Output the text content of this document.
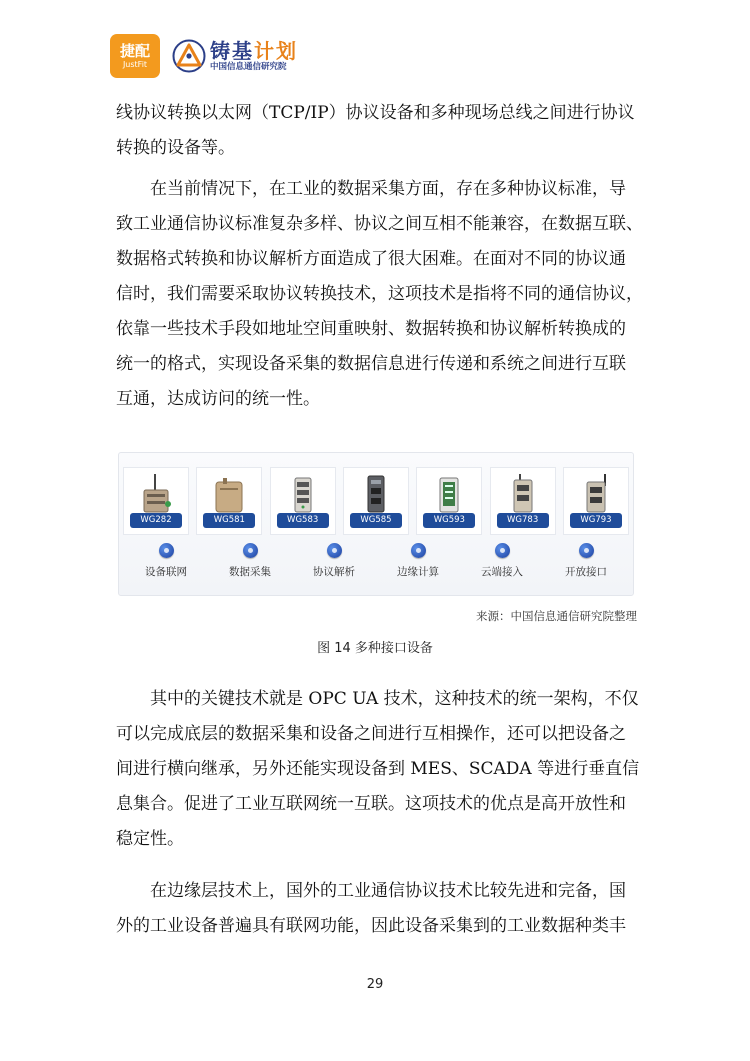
捷配
JustFit
铸基计划
中国信息通信研究院
线协议转换以太网（TCP/IP）协议设备和多种现场总线之间进行协议
转换的设备等。
在当前情况下，在工业的数据采集方面，存在多种协议标准，导
致工业通信协议标准复杂多样、协议之间互相不能兼容，在数据互联、
数据格式转换和协议解析方面造成了很大困难。在面对不同的协议通
信时，我们需要采取协议转换技术，这项技术是指将不同的通信协议，
依靠一些技术手段如地址空间重映射、数据转换和协议解析转换成的
统一的格式，实现设备采集的数据信息进行传递和系统之间进行互联
互通，达成访问的统一性。
WG282	WG581	WG583	WG585	WG593	WG783	WG793
设备联网	数据采集	协议解析	边缘计算	云端接入	开放接口
来源：中国信息通信研究院整理
图 14 多种接口设备
其中的关键技术就是 OPC UA 技术，这种技术的统一架构，不仅
可以完成底层的数据采集和设备之间进行互相操作，还可以把设备之
间进行横向继承，另外还能实现设备到 MES、SCADA 等进行垂直信
息集合。促进了工业互联网统一互联。这项技术的优点是高开放性和
稳定性。
在边缘层技术上，国外的工业通信协议技术比较先进和完备，国
外的工业设备普遍具有联网功能，因此设备采集到的工业数据种类丰
29
